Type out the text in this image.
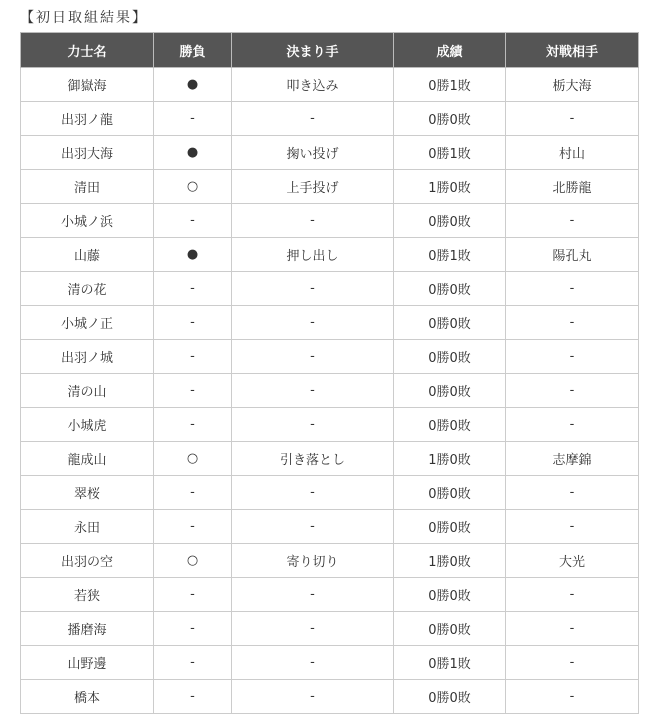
【初日取組結果】
力士名	勝負	決まり手	成績	対戦相手
御嶽海	●	叩き込み	0勝1敗	栃大海
出羽ノ龍	-	-	0勝0敗	-
出羽大海	●	掬い投げ	0勝1敗	村山
清田	○	上手投げ	1勝0敗	北勝龍
小城ノ浜	-	-	0勝0敗	-
山藤	●	押し出し	0勝1敗	陽孔丸
清の花	-	-	0勝0敗	-
小城ノ正	-	-	0勝0敗	-
出羽ノ城	-	-	0勝0敗	-
清の山	-	-	0勝0敗	-
小城虎	-	-	0勝0敗	-
龍成山	○	引き落とし	1勝0敗	志摩錦
翠桜	-	-	0勝0敗	-
永田	-	-	0勝0敗	-
出羽の空	○	寄り切り	1勝0敗	大光
若狭	-	-	0勝0敗	-
播磨海	-	-	0勝0敗	-
山野邊	-	-	0勝1敗	-
橋本	-	-	0勝0敗	-
